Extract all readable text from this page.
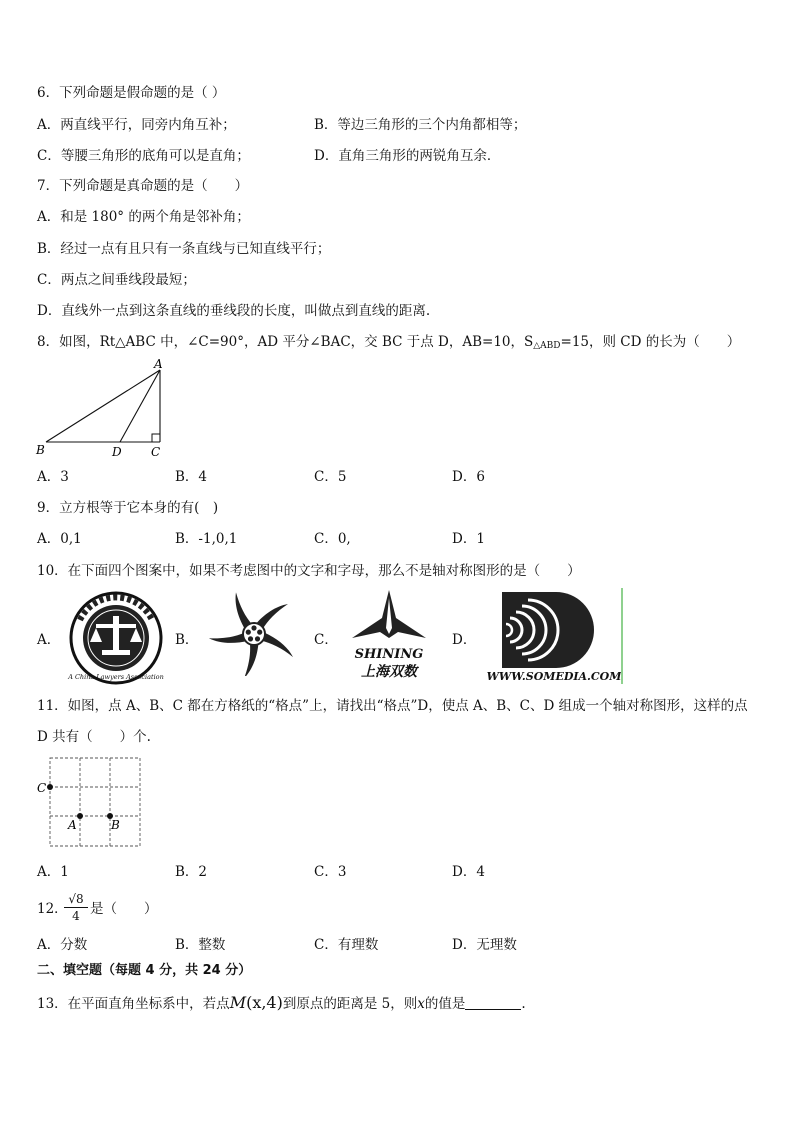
6．下列命题是假命题的是（ ）
A．两直线平行，同旁内角互补；	B．等边三角形的三个内角都相等；
C．等腰三角形的底角可以是直角；	D．直角三角形的两锐角互余．
7．下列命题是真命题的是（　　）
A．和是 180° 的两个角是邻补角；
B．经过一点有且只有一条直线与已知直线平行；
C．两点之间垂线段最短；
D．直线外一点到这条直线的垂线段的长度，叫做点到直线的距离.
8．如图，Rt△ABC 中，∠C=90°，AD 平分∠BAC，交 BC 于点 D，AB=10，$S_{\triangle ABD}=15$，则 CD 的长为（　　）
A
B	D C
A．3	B．4	C．5	D．6
9．立方根等于它本身的有(　)
A．0,1	B．-1,0,1	C．0,	D．1
10．在下面四个图案中，如果不考虑图中的文字和字母，那么不是轴对称图形的是（　　）
A．
A China Lawyers Association
B．	C．
SHINING
上海双数
D．
WWW.SOMEDIA.COM
11．如图，点 A、B、C 都在方格纸的“格点”上，请找出“格点”D，使点 A、B、C、D 组成一个轴对称图形，这样的点
D 共有（　　）个.
C
A	B
A．1	B．2	C．3	D．4
12．
$\frac{√8}{4}$ 是（　　）
A．分数	B．整数	C．有理数	D．无理数
二、填空题（每题 4 分，共 24 分）
13．在平面直角坐标系中，若点M(x,4)到原点的距离是 5，则x的值是	.
